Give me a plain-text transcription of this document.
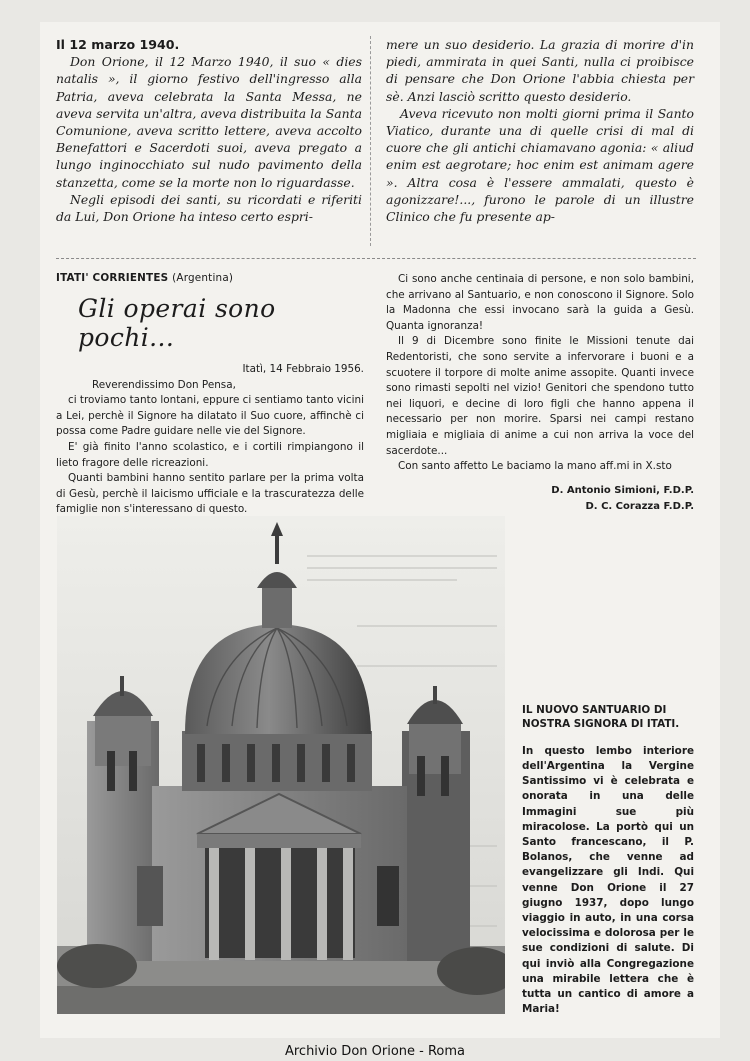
Il 12 marzo 1940.

Don Orione, il 12 Marzo 1940, il suo « dies natalis », il giorno festivo dell'ingresso alla Patria, aveva celebrata la Santa Messa, ne aveva servita un'altra, aveva distribuita la Santa Comunione, aveva scritto lettere, aveva accolto Benefattori e Sacerdoti suoi, aveva pregato a lungo inginocchiato sul nudo pavimento della stanzetta, come se la morte non lo riguardasse.

Negli episodi dei santi, su ricordati e riferiti da Lui, Don Orione ha inteso certo espri-

mere un suo desiderio. La grazia di morire d'in piedi, ammirata in quei Santi, nulla ci proibisce di pensare che Don Orione l'abbia chiesta per sè. Anzi lasciò scritto questo desiderio.

Aveva ricevuto non molti giorni prima il Santo Viatico, durante una di quelle crisi di mal di cuore che gli antichi chiamavano agonia: « aliud enim est aegrotare; hoc enim est animam agere ». Altra cosa è l'essere ammalati, questo è agonizzare!..., furono le parole di un illustre Clinico che fu presente ap-

ITATI' CORRIENTES (Argentina)
Gli operai sono pochi...

Itatì, 14 Febbraio 1956.

Reverendissimo Don Pensa,

ci troviamo tanto lontani, eppure ci sentiamo tanto vicini a Lei, perchè il Signore ha dilatato il Suo cuore, affinchè ci possa come Padre guidare nelle vie del Signore.

E' già finito l'anno scolastico, e i cortili rimpiangono il lieto fragore delle ricreazioni.

Quanti bambini hanno sentito parlare per la prima volta di Gesù, perchè il laicismo ufficiale e la trascuratezza delle famiglie non s'interessano di questo.

Ci sono anche centinaia di persone, e non solo bambini, che arrivano al Santuario, e non conoscono il Signore. Solo la Madonna che essi invocano sarà la guida a Gesù. Quanta ignoranza!

Il 9 di Dicembre sono finite le Missioni tenute dai Redentoristi, che sono servite a infervorare i buoni e a scuotere il torpore di molte anime assopite. Quanti invece sono rimasti sepolti nel vizio! Genitori che spendono tutto nei liquori, e decine di loro figli che hanno appena il necessario per non morire. Sparsi nei campi restano migliaia e migliaia di anime a cui non arriva la voce del sacerdote...

Con santo affetto Le baciamo la mano aff.mi in X.sto

D. Antonio Simioni, F.D.P.
D. C. Corazza F.D.P.
IL NUOVO SANTUARIO DI NOSTRA SIGNORA DI ITATI.
In questo lembo interiore dell'Argentina la Vergine Santissimo vi è celebrata e onorata in una delle Immagini sue più miracolose. La portò qui un Santo francescano, il P. Bolanos, che venne ad evangelizzare gli Indi. Qui venne Don Orione il 27 giugno 1937, dopo lungo viaggio in auto, in una corsa velocissima e dolorosa per le sue condizioni di salute. Di qui inviò alla Congregazione una mirabile lettera che è tutta un cantico di amore a Maria!
Archivio Don Orione - Roma
